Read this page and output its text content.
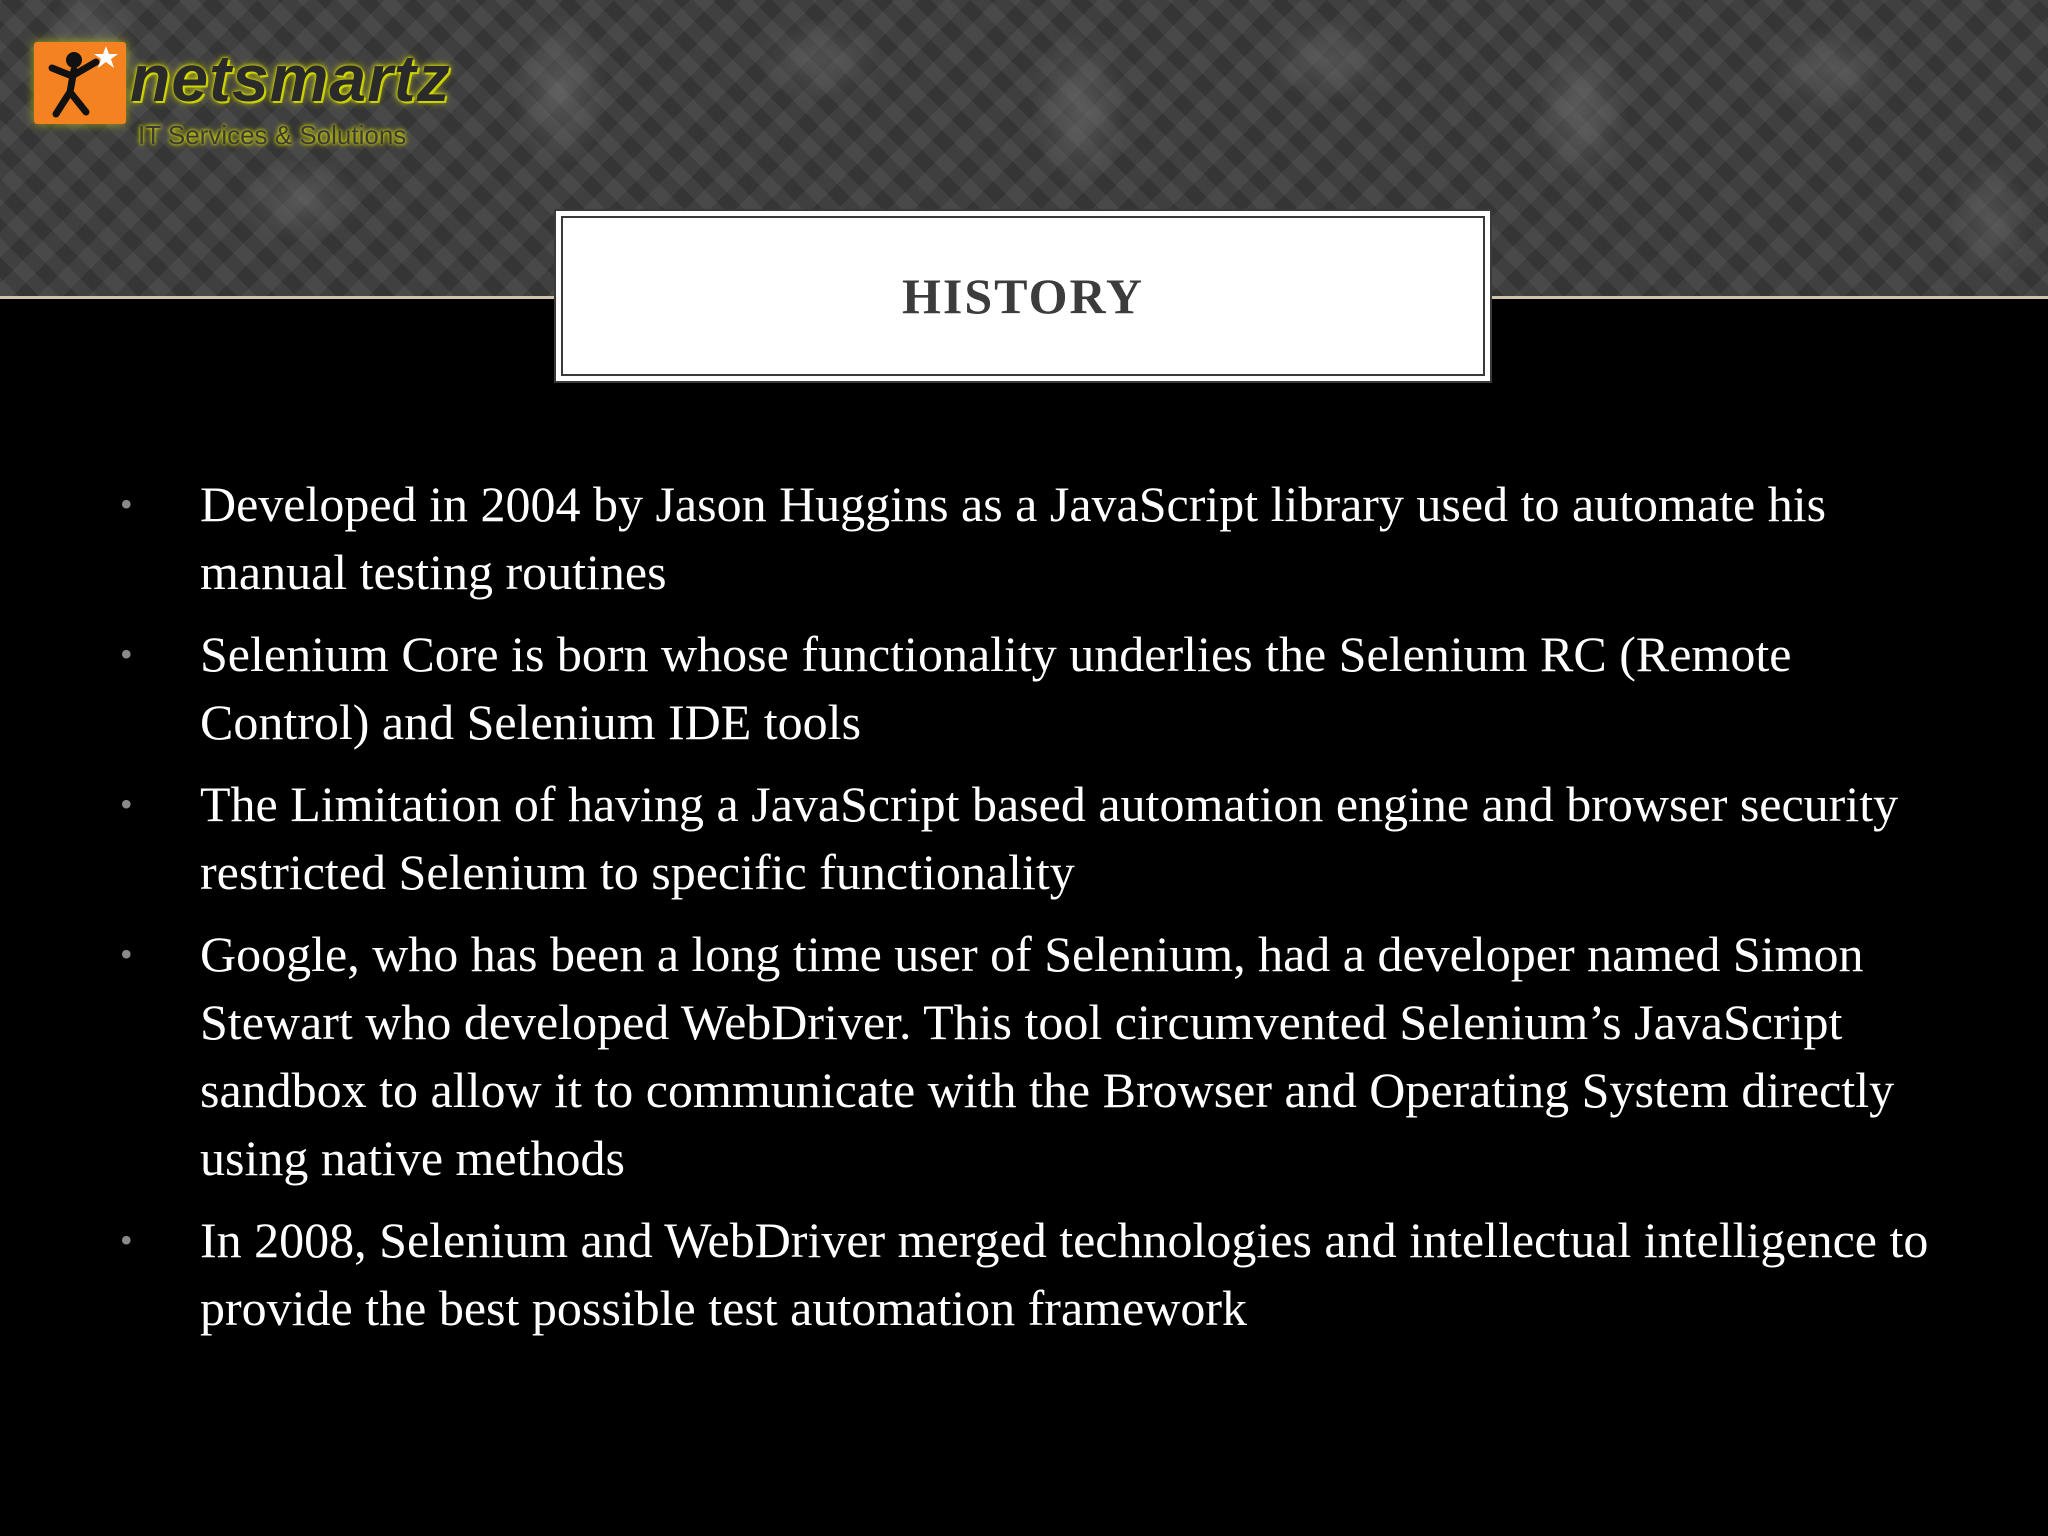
netsmartz
IT Services & Solutions
HISTORY
•	Developed in 2004 by Jason Huggins as a JavaScript library used to automate his manual testing routines
•	Selenium Core is born whose functionality underlies the Selenium RC (Remote Control) and Selenium IDE tools
•	The Limitation of having a JavaScript based automation engine and browser security restricted Selenium to specific functionality
•	Google, who has been a long time user of Selenium, had a developer named Simon Stewart who developed WebDriver. This tool circumvented Selenium’s JavaScript sandbox to allow it to communicate with the Browser and Operating System directly using native methods
•	In 2008, Selenium and WebDriver merged technologies and intellectual intelligence to provide the best possible test automation framework
